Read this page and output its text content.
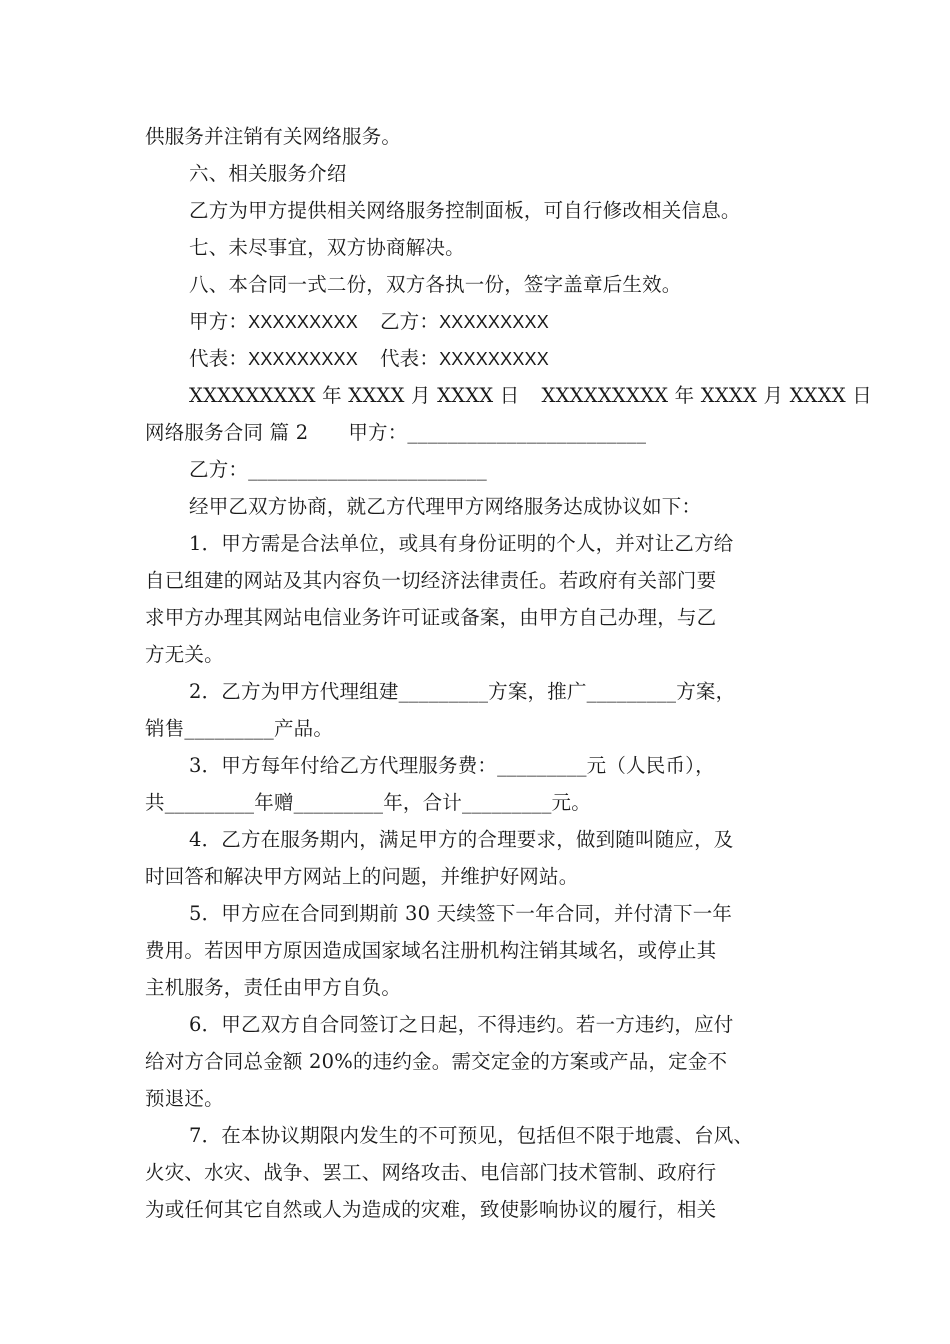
供服务并注销有关网络服务。
六、相关服务介绍
乙方为甲方提供相关网络服务控制面板，可自行修改相关信息。
七、未尽事宜，双方协商解决。
八、本合同一式二份，双方各执一份，签字盖章后生效。
甲方：XXXXXXXXX 乙方：XXXXXXXXX
代表：XXXXXXXXX 代表：XXXXXXXXX
XXXXXXXXX 年 XXXX 月 XXXX 日 XXXXXXXXX 年 XXXX 月 XXXX 日
网络服务合同 篇 2 甲方：________________________
乙方：________________________
经甲乙双方协商，就乙方代理甲方网络服务达成协议如下：
1．甲方需是合法单位，或具有身份证明的个人，并对让乙方给
自已组建的网站及其内容负一切经济法律责任。若政府有关部门要
求甲方办理其网站电信业务许可证或备案，由甲方自己办理，与乙
方无关。
2．乙方为甲方代理组建_________方案，推广_________方案，
销售_________产品。
3．甲方每年付给乙方代理服务费：_________元（人民币），
共_________年赠_________年，合计_________元。
4．乙方在服务期内，满足甲方的合理要求，做到随叫随应，及
时回答和解决甲方网站上的问题，并维护好网站。
5．甲方应在合同到期前 30 天续签下一年合同，并付清下一年
费用。若因甲方原因造成国家域名注册机构注销其域名，或停止其
主机服务，责任由甲方自负。
6．甲乙双方自合同签订之日起，不得违约。若一方违约，应付
给对方合同总金额 20%的违约金。需交定金的方案或产品，定金不
预退还。
7．在本协议期限内发生的不可预见，包括但不限于地震、台风、
火灾、水灾、战争、罢工、网络攻击、电信部门技术管制、政府行
为或任何其它自然或人为造成的灾难，致使影响协议的履行，相关
